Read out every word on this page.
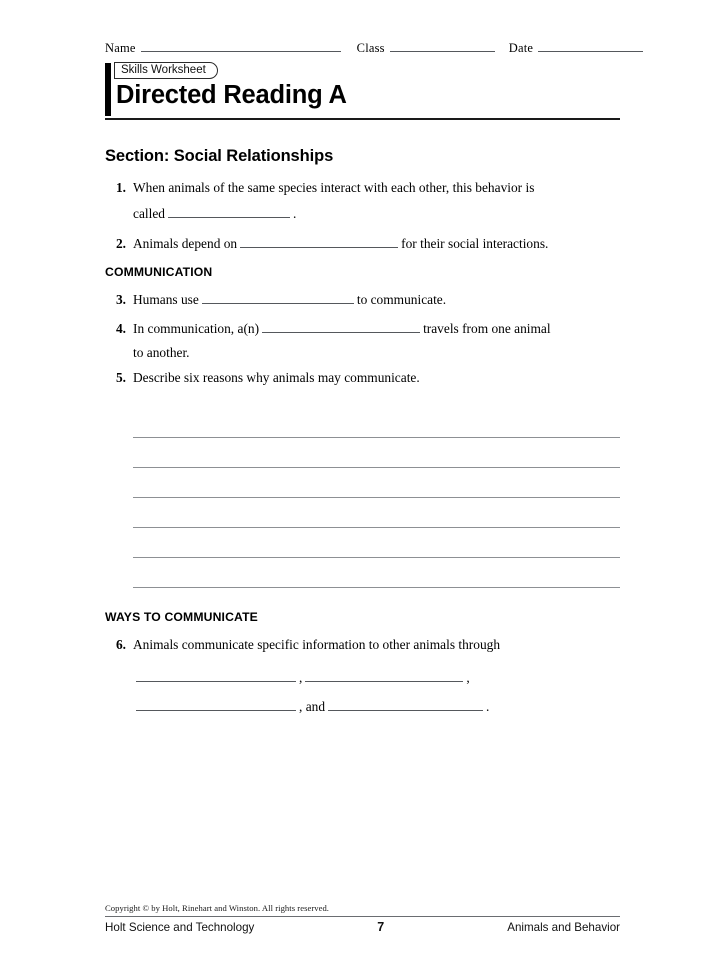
Name	Class	Date
Skills Worksheet
Directed Reading A
Section: Social Relationships
1. When animals of the same species interact with each other, this behavior is
called	.
2. Animals depend on	for their social interactions.
COMMUNICATION
3. Humans use	to communicate.
4. In communication, a(n)	travels from one animal
to another.
5. Describe six reasons why animals may communicate.
WAYS TO COMMUNICATE
6. Animals communicate specific information to other animals through
,	,
, and	.
Copyright © by Holt, Rinehart and Winston. All rights reserved.
Holt Science and Technology	7	Animals and Behavior
